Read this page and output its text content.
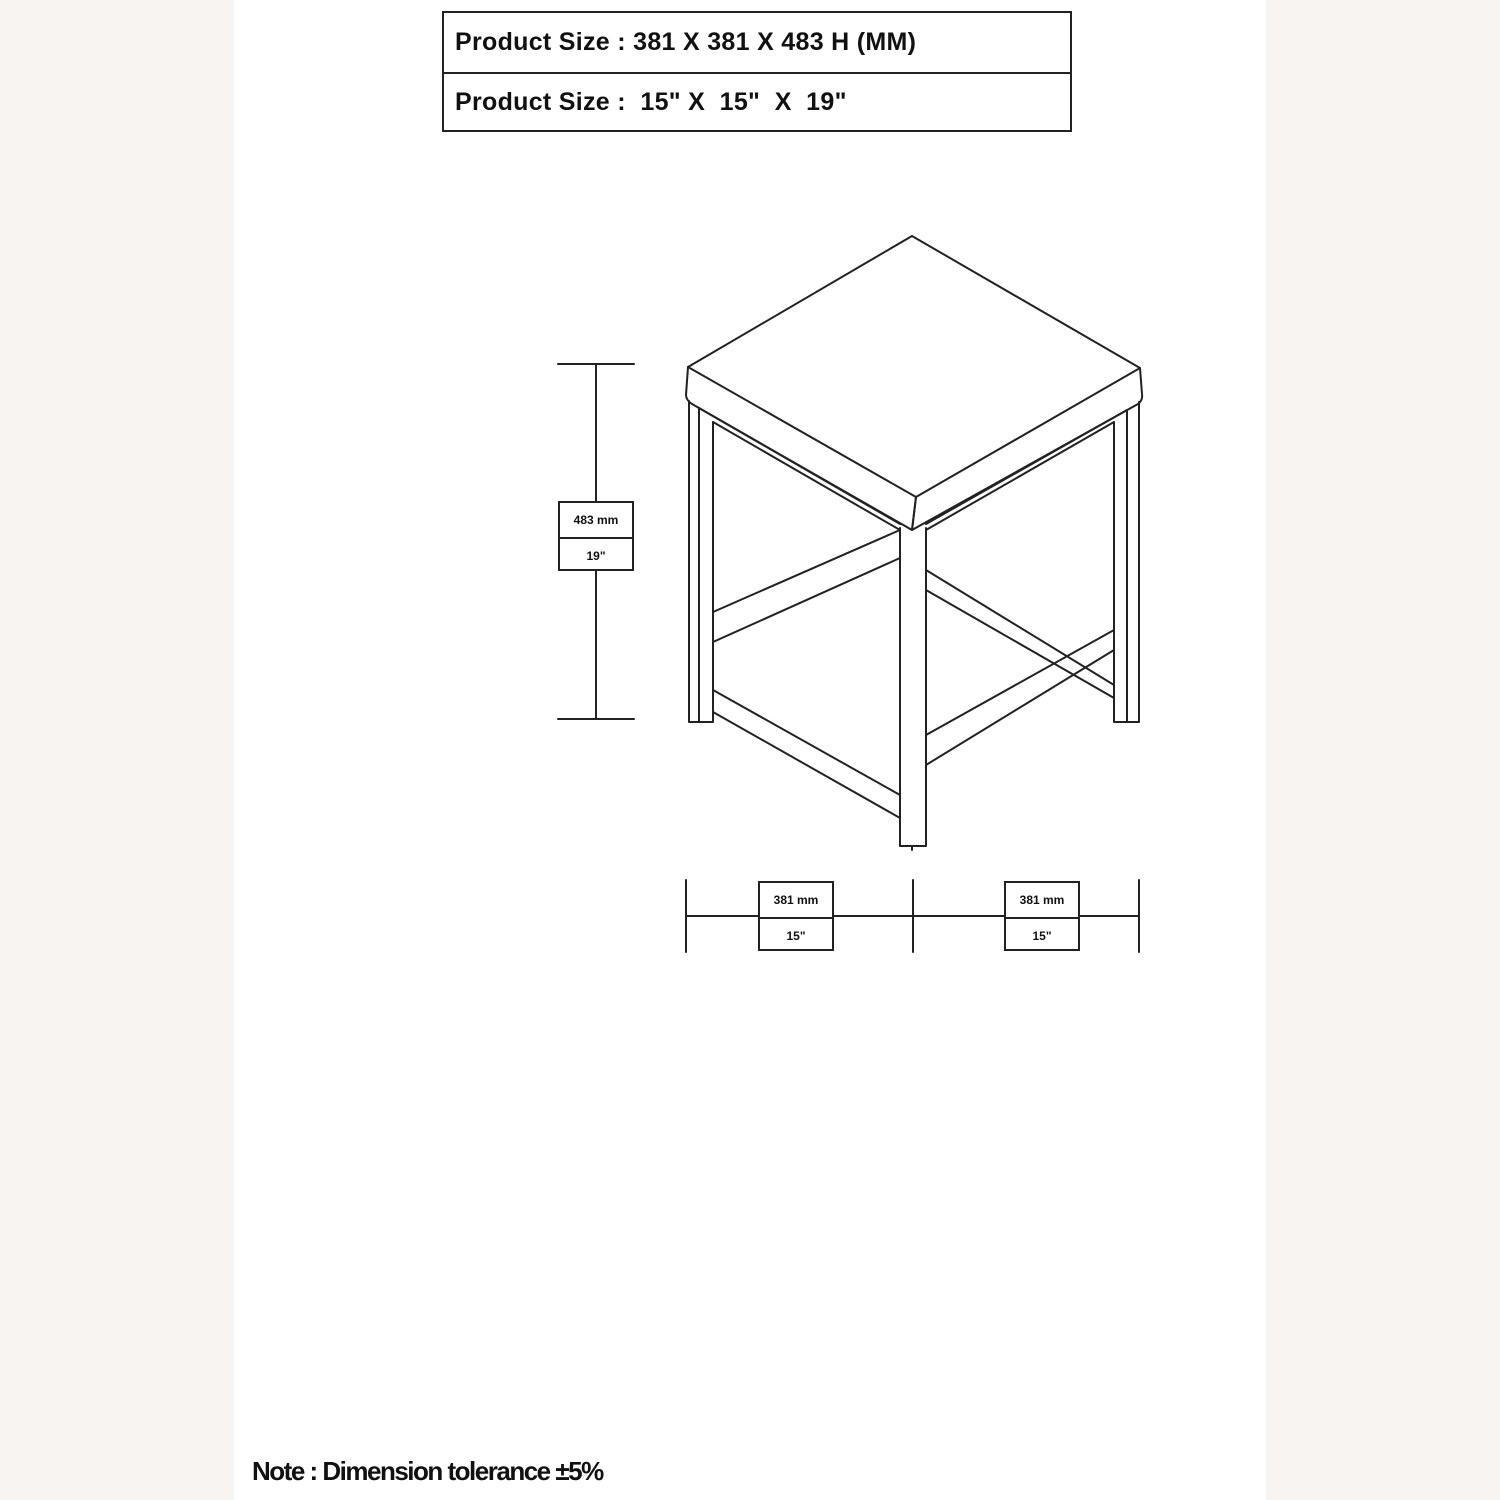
Product Size : 381 X 381 X 483 H (MM)
Product Size :  15" X  15"  X  19"
483 mm
19"
381 mm
15"
381 mm
15"
Note : Dimension tolerance ±5%
